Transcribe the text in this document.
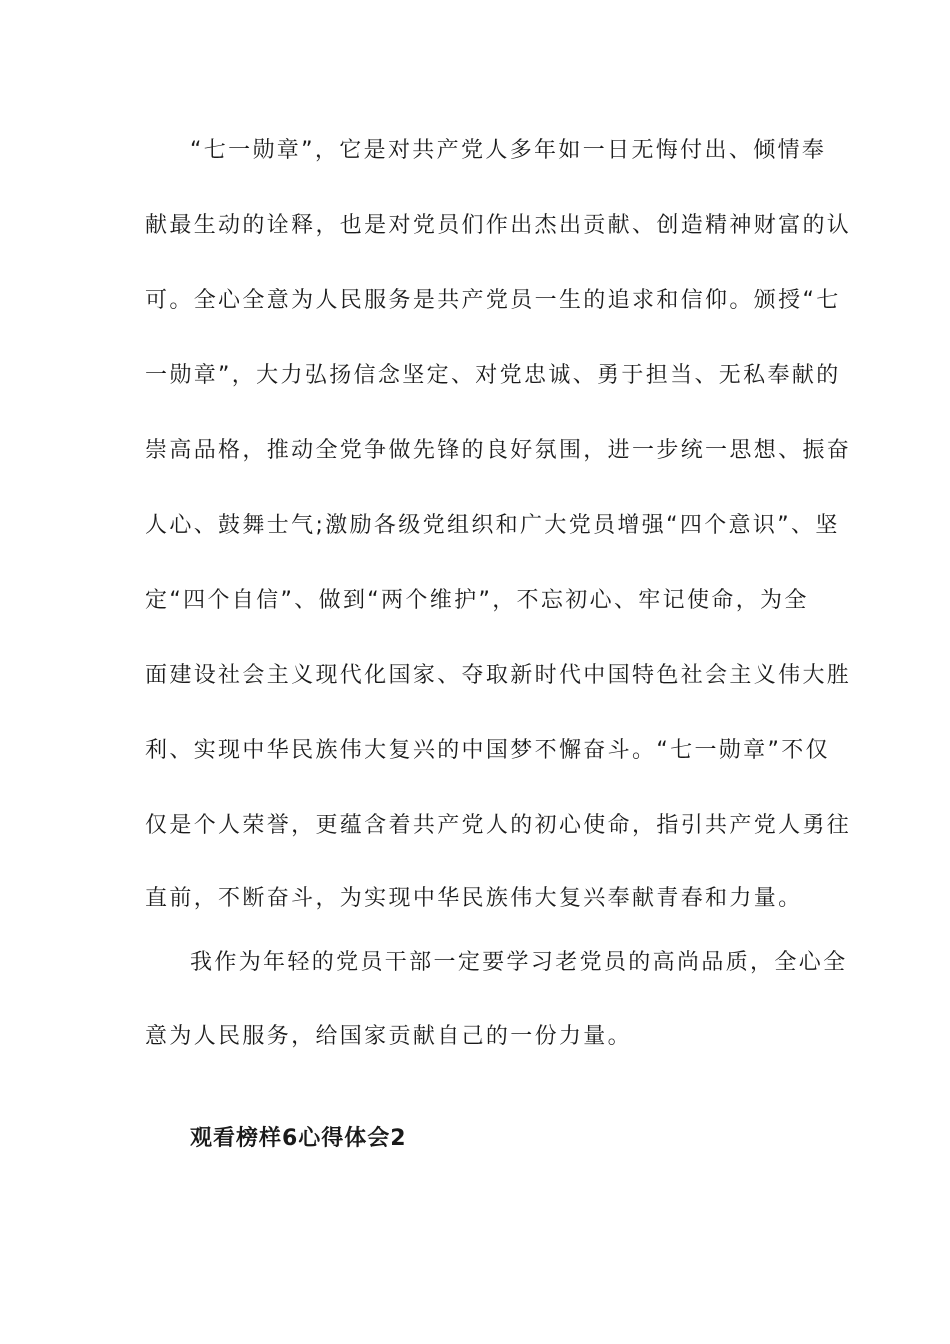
“七一勋章”，它是对共产党人多年如一日无悔付出、倾情奉
献最生动的诠释，也是对党员们作出杰出贡献、创造精神财富的认
可。全心全意为人民服务是共产党员一生的追求和信仰。颁授“七
一勋章”，大力弘扬信念坚定、对党忠诚、勇于担当、无私奉献的
崇高品格，推动全党争做先锋的良好氛围，进一步统一思想、振奋
人心、鼓舞士气;激励各级党组织和广大党员增强“四个意识”、坚
定“四个自信”、做到“两个维护”，不忘初心、牢记使命，为全
面建设社会主义现代化国家、夺取新时代中国特色社会主义伟大胜
利、实现中华民族伟大复兴的中国梦不懈奋斗。“七一勋章”不仅
仅是个人荣誉，更蕴含着共产党人的初心使命，指引共产党人勇往
直前，不断奋斗，为实现中华民族伟大复兴奉献青春和力量。
我作为年轻的党员干部一定要学习老党员的高尚品质，全心全
意为人民服务，给国家贡献自己的一份力量。
观看榜样6心得体会2
